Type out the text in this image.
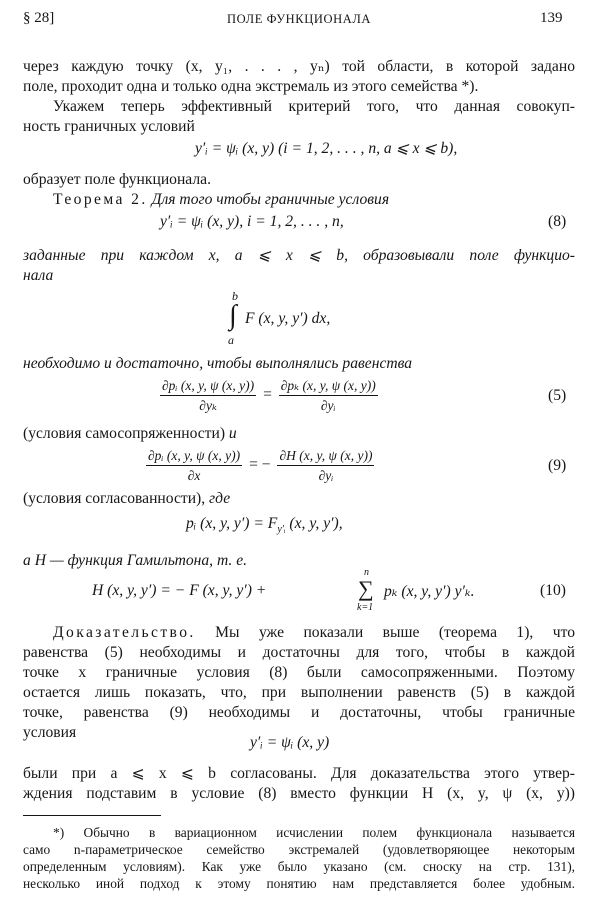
§ 28]	ПОЛЕ ФУНКЦИОНАЛА	139
через каждую точку (x, y₁, . . . , yₙ) той области, в которой задано
поле, проходит одна и только одна экстремаль из этого семейства *).
Укажем теперь эффективный критерий того, что данная совокуп-
ность граничных условий
y′ᵢ = ψᵢ (x, y) (i = 1, 2, . . . , n, a ⩽ x ⩽ b),
образует поле функционала.
Теорема 2. Для того чтобы граничные условия
y′ᵢ = ψᵢ (x, y), i = 1, 2, . . . , n,	(8)
заданные при каждом x, a ⩽ x ⩽ b, образовывали поле функцио-
нала
b
∫
a
F (x, y, y′) dx,
необходимо и достаточно, чтобы выполнялись равенства
$\frac{\text{∂pᵢ (x, y, ψ (x, y))}}{\text{∂yₖ}} = \frac{\text{∂pₖ (x, y, ψ (x, y))}}{\text{∂yᵢ}}$	(5)
(условия самосопряженности) и
$\frac{\text{∂pᵢ (x, y, ψ (x, y))}}{\partial x}$ = − $\frac{\partial H (x, y, \psi (x, y))}{\text{∂yᵢ}}$	(9)
(условия согласованности), где
pᵢ (x, y, $y') = F_{y'ᵢ}$ (x, y, y′),
а H — функция Гамильтона, т. е.
H (x, y, y′) = − F (x, y, y′) +
n
∑
k=1
pₖ (x, y, y′) y′ₖ.	(10)
Доказательство. Мы уже показали выше (теорема 1), что
равенства (5) необходимы и достаточны для того, чтобы в каждой
точке x граничные условия (8) были самосопряженными. Поэтому
остается лишь показать, что, при выполнении равенств (5) в каждой
точке, равенства (9) необходимы и достаточны, чтобы граничные
условия
y′ᵢ = ψᵢ (x, y)
были при a ⩽ x ⩽ b согласованы. Для доказательства этого утвер-
ждения подставим в условие (8) вместо функции H (x, y, ψ (x, y))
*) Обычно в вариационном исчислении полем функционала называется
само n-параметрическое семейство экстремалей (удовлетворяющее некоторым
определенным условиям). Как уже было указано (см. сноску на стр. 131),
несколько иной подход к этому понятию нам представляется более удобным.
